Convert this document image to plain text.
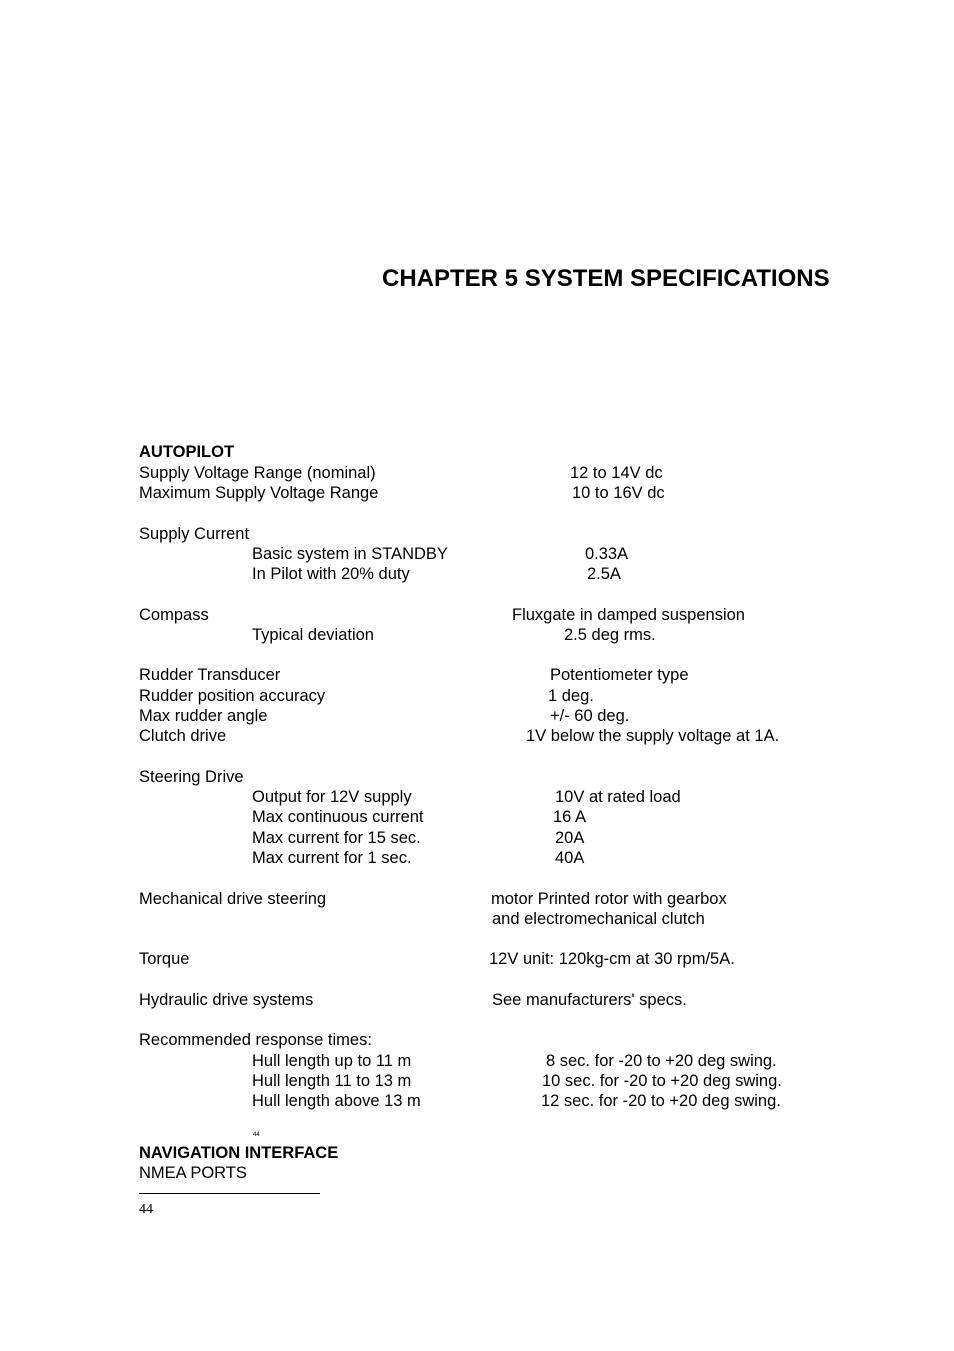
CHAPTER 5 SYSTEM SPECIFICATIONS
AUTOPILOT
Supply Voltage Range (nominal)	12 to 14V dc
Maximum Supply Voltage Range	10 to 16V dc
Supply Current
Basic system in STANDBY	0.33A
In Pilot with 20% duty	2.5A
Compass	Fluxgate in damped suspension
Typical deviation	2.5 deg rms.
Rudder Transducer	Potentiometer type
Rudder position accuracy	1 deg.
Max rudder angle	+/- 60 deg.
Clutch drive	1V below the supply voltage at 1A.
Steering Drive
Output for 12V supply	10V at rated load
Max continuous current	16 A
Max current for 15 sec.	20A
Max current for 1 sec.	40A
Mechanical drive steering	motor Printed rotor with gearbox
and electromechanical clutch
Torque	12V unit: 120kg-cm at 30 rpm/5A.
Hydraulic drive systems	See manufacturers' specs.
Recommended response times:
Hull length up to 11 m	8 sec. for -20 to +20 deg swing.
Hull length 11 to 13 m	10 sec. for -20 to +20 deg swing.
Hull length above 13 m	12 sec. for -20 to +20 deg swing.
44
NAVIGATION INTERFACE
NMEA PORTS
44
